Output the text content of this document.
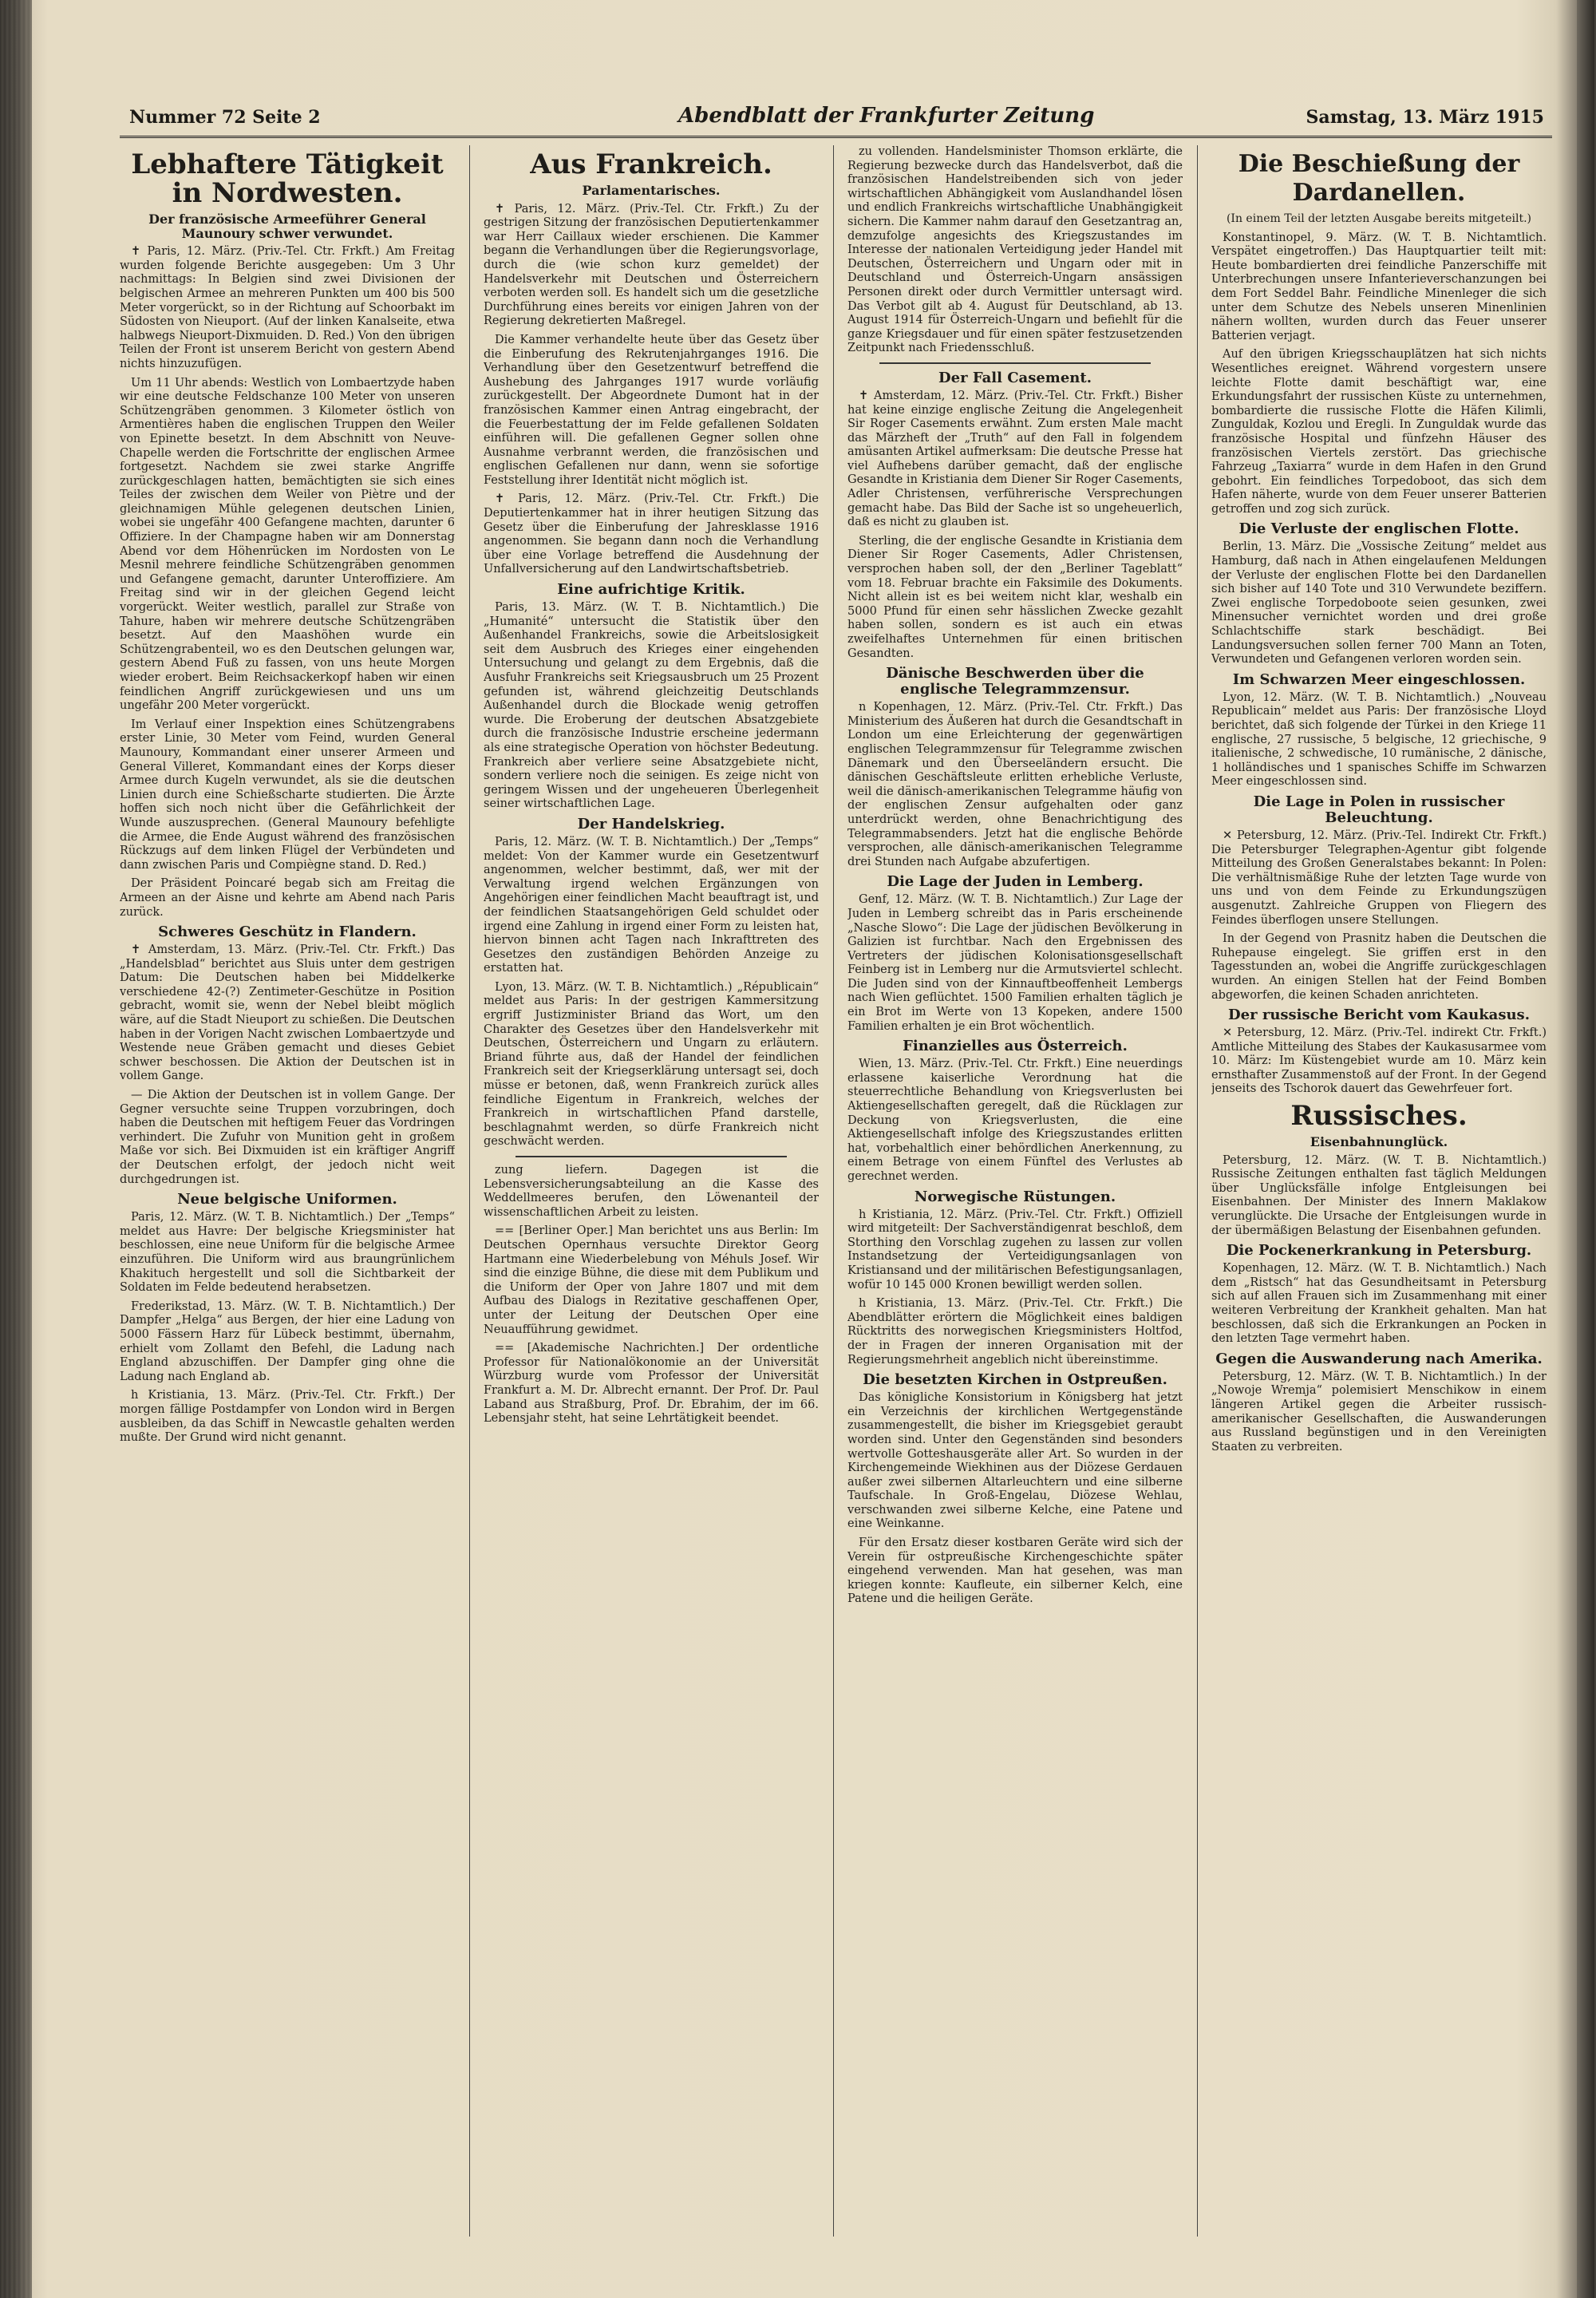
Nummer 72 Seite 2	Abendblatt der Frankfurter Zeitung	Samstag, 13. März 1915
Lebhaftere Tätigkeit in Nordwesten.
Der französische Armeeführer General Maunoury schwer verwundet.

✝ Paris, 12. März. (Priv.-Tel. Ctr. Frkft.) Am Freitag wurden folgende Berichte ausgegeben: Um 3 Uhr nachmittags: In Belgien sind zwei Divisionen der belgischen Armee an mehreren Punkten um 400 bis 500 Meter vorgerückt, so in der Richtung auf Schoorbakt im Südosten von Nieuport. (Auf der linken Kanalseite, etwa halbwegs Nieuport-Dixmuiden. D. Red.) Von den übrigen Teilen der Front ist unserem Bericht von gestern Abend nichts hinzuzufügen.

Um 11 Uhr abends: Westlich von Lombaertzyde haben wir eine deutsche Feldschanze 100 Meter von unseren Schützengräben genommen. 3 Kilometer östlich von Armentières haben die englischen Truppen den Weiler von Epinette besetzt. In dem Abschnitt von Neuve-Chapelle werden die Fortschritte der englischen Armee fortgesetzt. Nachdem sie zwei starke Angriffe zurückgeschlagen hatten, bemächtigten sie sich eines Teiles der zwischen dem Weiler von Piètre und der gleichnamigen Mühle gelegenen deutschen Linien, wobei sie ungefähr 400 Gefangene machten, darunter 6 Offiziere. In der Champagne haben wir am Donnerstag Abend vor dem Höhenrücken im Nordosten von Le Mesnil mehrere feindliche Schützengräben genommen und Gefangene gemacht, darunter Unteroffiziere. Am Freitag sind wir in der gleichen Gegend leicht vorgerückt. Weiter westlich, parallel zur Straße von Tahure, haben wir mehrere deutsche Schützengräben besetzt. Auf den Maashöhen wurde ein Schützengrabenteil, wo es den Deutschen gelungen war, gestern Abend Fuß zu fassen, von uns heute Morgen wieder erobert. Beim Reichsackerkopf haben wir einen feindlichen Angriff zurückgewiesen und uns um ungefähr 200 Meter vorgerückt.

Im Verlauf einer Inspektion eines Schützengrabens erster Linie, 30 Meter vom Feind, wurden General Maunoury, Kommandant einer unserer Armeen und General Villeret, Kommandant eines der Korps dieser Armee durch Kugeln verwundet, als sie die deutschen Linien durch eine Schießscharte studierten. Die Ärzte hoffen sich noch nicht über die Gefährlichkeit der Wunde auszusprechen. (General Maunoury befehligte die Armee, die Ende August während des französischen Rückzugs auf dem linken Flügel der Verbündeten und dann zwischen Paris und Compiègne stand. D. Red.)

Der Präsident Poincaré begab sich am Freitag die Armeen an der Aisne und kehrte am Abend nach Paris zurück.

Schweres Geschütz in Flandern.

✝ Amsterdam, 13. März. (Priv.-Tel. Ctr. Frkft.) Das „Handelsblad“ berichtet aus Sluis unter dem gestrigen Datum: Die Deutschen haben bei Middelkerke verschiedene 42-(?) Zentimeter-Geschütze in Position gebracht, womit sie, wenn der Nebel bleibt möglich wäre, auf die Stadt Nieuport zu schießen. Die Deutschen haben in der Vorigen Nacht zwischen Lombaertzyde und Westende neue Gräben gemacht und dieses Gebiet schwer beschossen. Die Aktion der Deutschen ist in vollem Gange.

— Die Aktion der Deutschen ist in vollem Gange. Der Gegner versuchte seine Truppen vorzubringen, doch haben die Deutschen mit heftigem Feuer das Vordringen verhindert. Die Zufuhr von Munition geht in großem Maße vor sich. Bei Dixmuiden ist ein kräftiger Angriff der Deutschen erfolgt, der jedoch nicht weit durchgedrungen ist.

Neue belgische Uniformen.

Paris, 12. März. (W. T. B. Nichtamtlich.) Der „Temps“ meldet aus Havre: Der belgische Kriegsminister hat beschlossen, eine neue Uniform für die belgische Armee einzuführen. Die Uniform wird aus braungrünlichem Khakituch hergestellt und soll die Sichtbarkeit der Soldaten im Felde bedeutend herabsetzen.

Frederikstad, 13. März. (W. T. B. Nichtamtlich.) Der Dampfer „Helga“ aus Bergen, der hier eine Ladung von 5000 Fässern Harz für Lübeck bestimmt, übernahm, erhielt vom Zollamt den Befehl, die Ladung nach England abzuschiffen. Der Dampfer ging ohne die Ladung nach England ab.

h Kristiania, 13. März. (Priv.-Tel. Ctr. Frkft.) Der morgen fällige Postdampfer von London wird in Bergen ausbleiben, da das Schiff in Newcastle gehalten werden mußte. Der Grund wird nicht genannt.

Aus Frankreich.
Parlamentarisches.

✝ Paris, 12. März. (Priv.-Tel. Ctr. Frkft.) Zu der gestrigen Sitzung der französischen Deputiertenkammer war Herr Caillaux wieder erschienen. Die Kammer begann die Verhandlungen über die Regierungsvorlage, durch die (wie schon kurz gemeldet) der Handelsverkehr mit Deutschen und Österreichern verboten werden soll. Es handelt sich um die gesetzliche Durchführung eines bereits vor einigen Jahren von der Regierung dekretierten Maßregel.

Die Kammer verhandelte heute über das Gesetz über die Einberufung des Rekrutenjahrganges 1916. Die Verhandlung über den Gesetzentwurf betreffend die Aushebung des Jahrganges 1917 wurde vorläufig zurückgestellt. Der Abgeordnete Dumont hat in der französischen Kammer einen Antrag eingebracht, der die Feuerbestattung der im Felde gefallenen Soldaten einführen will. Die gefallenen Gegner sollen ohne Ausnahme verbrannt werden, die französischen und englischen Gefallenen nur dann, wenn sie sofortige Feststellung ihrer Identität nicht möglich ist.

✝ Paris, 12. März. (Priv.-Tel. Ctr. Frkft.) Die Deputiertenkammer hat in ihrer heutigen Sitzung das Gesetz über die Einberufung der Jahresklasse 1916 angenommen. Sie begann dann noch die Verhandlung über eine Vorlage betreffend die Ausdehnung der Unfallversicherung auf den Landwirtschaftsbetrieb.

Eine aufrichtige Kritik.

Paris, 13. März. (W. T. B. Nichtamtlich.) Die „Humanité“ untersucht die Statistik über den Außenhandel Frankreichs, sowie die Arbeitslosigkeit seit dem Ausbruch des Krieges einer eingehenden Untersuchung und gelangt zu dem Ergebnis, daß die Ausfuhr Frankreichs seit Kriegsausbruch um 25 Prozent gefunden ist, während gleichzeitig Deutschlands Außenhandel durch die Blockade wenig getroffen wurde. Die Eroberung der deutschen Absatzgebiete durch die französische Industrie erscheine jedermann als eine strategische Operation von höchster Bedeutung. Frankreich aber verliere seine Absatzgebiete nicht, sondern verliere noch die seinigen. Es zeige nicht von geringem Wissen und der ungeheueren Überlegenheit seiner wirtschaftlichen Lage.

Der Handelskrieg.

Paris, 12. März. (W. T. B. Nichtamtlich.) Der „Temps“ meldet: Von der Kammer wurde ein Gesetzentwurf angenommen, welcher bestimmt, daß, wer mit der Verwaltung irgend welchen Ergänzungen von Angehörigen einer feindlichen Macht beauftragt ist, und der feindlichen Staatsangehörigen Geld schuldet oder irgend eine Zahlung in irgend einer Form zu leisten hat, hiervon binnen acht Tagen nach Inkrafttreten des Gesetzes den zuständigen Behörden Anzeige zu erstatten hat.

Lyon, 13. März. (W. T. B. Nichtamtlich.) „Républicain“ meldet aus Paris: In der gestrigen Kammersitzung ergriff Justizminister Briand das Wort, um den Charakter des Gesetzes über den Handelsverkehr mit Deutschen, Österreichern und Ungarn zu erläutern. Briand führte aus, daß der Handel der feindlichen Frankreich seit der Kriegserklärung untersagt sei, doch müsse er betonen, daß, wenn Frankreich zurück alles feindliche Eigentum in Frankreich, welches der Frankreich in wirtschaftlichen Pfand darstelle, beschlagnahmt werden, so dürfe Frankreich nicht geschwächt werden.

zung liefern. Dagegen ist die Lebensversicherungsabteilung an die Kasse des Weddellmeeres berufen, den Löwenanteil der wissenschaftlichen Arbeit zu leisten.

== [Berliner Oper.] Man berichtet uns aus Berlin: Im Deutschen Opernhaus versuchte Direktor Georg Hartmann eine Wiederbelebung von Méhuls Josef. Wir sind die einzige Bühne, die diese mit dem Publikum und die Uniform der Oper von Jahre 1807 und mit dem Aufbau des Dialogs in Rezitative geschaffenen Oper, unter der Leitung der Deutschen Oper eine Neuaufführung gewidmet.

== [Akademische Nachrichten.] Der ordentliche Professor für Nationalökonomie an der Universität Würzburg wurde vom Professor der Universität Frankfurt a. M. Dr. Albrecht ernannt. Der Prof. Dr. Paul Laband aus Straßburg, Prof. Dr. Ebrahim, der im 66. Lebensjahr steht, hat seine Lehrtätigkeit beendet.

zu vollenden. Handelsminister Thomson erklärte, die Regierung bezwecke durch das Handelsverbot, daß die französischen Handelstreibenden sich von jeder wirtschaftlichen Abhängigkeit vom Auslandhandel lösen und endlich Frankreichs wirtschaftliche Unabhängigkeit sichern. Die Kammer nahm darauf den Gesetzantrag an, demzufolge angesichts des Kriegszustandes im Interesse der nationalen Verteidigung jeder Handel mit Deutschen, Österreichern und Ungarn oder mit in Deutschland und Österreich-Ungarn ansässigen Personen direkt oder durch Vermittler untersagt wird. Das Verbot gilt ab 4. August für Deutschland, ab 13. August 1914 für Österreich-Ungarn und befiehlt für die ganze Kriegsdauer und für einen später festzusetzenden Zeitpunkt nach Friedensschluß.

Der Fall Casement.

✝ Amsterdam, 12. März. (Priv.-Tel. Ctr. Frkft.) Bisher hat keine einzige englische Zeitung die Angelegenheit Sir Roger Casements erwähnt. Zum ersten Male macht das Märzheft der „Truth“ auf den Fall in folgendem amüsanten Artikel aufmerksam: Die deutsche Presse hat viel Aufhebens darüber gemacht, daß der englische Gesandte in Kristiania dem Diener Sir Roger Casements, Adler Christensen, verführerische Versprechungen gemacht habe. Das Bild der Sache ist so ungeheuerlich, daß es nicht zu glauben ist.

Sterling, die der englische Gesandte in Kristiania dem Diener Sir Roger Casements, Adler Christensen, versprochen haben soll, der den „Berliner Tageblatt“ vom 18. Februar brachte ein Faksimile des Dokuments. Nicht allein ist es bei weitem nicht klar, weshalb ein 5000 Pfund für einen sehr hässlichen Zwecke gezahlt haben sollen, sondern es ist auch ein etwas zweifelhaftes Unternehmen für einen britischen Gesandten.

Dänische Beschwerden über die englische Telegrammzensur.

n Kopenhagen, 12. März. (Priv.-Tel. Ctr. Frkft.) Das Ministerium des Äußeren hat durch die Gesandtschaft in London um eine Erleichterung der gegenwärtigen englischen Telegrammzensur für Telegramme zwischen Dänemark und den Überseeländern ersucht. Die dänischen Geschäftsleute erlitten erhebliche Verluste, weil die dänisch-amerikanischen Telegramme häufig von der englischen Zensur aufgehalten oder ganz unterdrückt werden, ohne Benachrichtigung des Telegrammabsenders. Jetzt hat die englische Behörde versprochen, alle dänisch-amerikanischen Telegramme drei Stunden nach Aufgabe abzufertigen.

Die Lage der Juden in Lemberg.

Genf, 12. März. (W. T. B. Nichtamtlich.) Zur Lage der Juden in Lemberg schreibt das in Paris erscheinende „Nasche Slowo“: Die Lage der jüdischen Bevölkerung in Galizien ist furchtbar. Nach den Ergebnissen des Vertreters der jüdischen Kolonisationsgesellschaft Feinberg ist in Lemberg nur die Armutsviertel schlecht. Die Juden sind von der Kinnauftbeoffenheit Lembergs nach Wien geflüchtet. 1500 Familien erhalten täglich je ein Brot im Werte von 13 Kopeken, andere 1500 Familien erhalten je ein Brot wöchentlich.

Finanzielles aus Österreich.

Wien, 13. März. (Priv.-Tel. Ctr. Frkft.) Eine neuerdings erlassene kaiserliche Verordnung hat die steuerrechtliche Behandlung von Kriegsverlusten bei Aktiengesellschaften geregelt, daß die Rücklagen zur Deckung von Kriegsverlusten, die eine Aktiengesellschaft infolge des Kriegszustandes erlitten hat, vorbehaltlich einer behördlichen Anerkennung, zu einem Betrage von einem Fünftel des Verlustes ab gerechnet werden.

Norwegische Rüstungen.

h Kristiania, 12. März. (Priv.-Tel. Ctr. Frkft.) Offiziell wird mitgeteilt: Der Sachverständigenrat beschloß, dem Storthing den Vorschlag zugehen zu lassen zur vollen Instandsetzung der Verteidigungsanlagen von Kristiansand und der militärischen Befestigungsanlagen, wofür 10 145 000 Kronen bewilligt werden sollen.

h Kristiania, 13. März. (Priv.-Tel. Ctr. Frkft.) Die Abendblätter erörtern die Möglichkeit eines baldigen Rücktritts des norwegischen Kriegsministers Holtfod, der in Fragen der inneren Organisation mit der Regierungsmehrheit angeblich nicht übereinstimme.

Die besetzten Kirchen in Ostpreußen.

Das königliche Konsistorium in Königsberg hat jetzt ein Verzeichnis der kirchlichen Wertgegenstände zusammengestellt, die bisher im Kriegsgebiet geraubt worden sind. Unter den Gegenständen sind besonders wertvolle Gotteshausgeräte aller Art. So wurden in der Kirchengemeinde Wiekhinen aus der Diözese Gerdauen außer zwei silbernen Altarleuchtern und eine silberne Taufschale. In Groß-Engelau, Diözese Wehlau, verschwanden zwei silberne Kelche, eine Patene und eine Weinkanne.

Für den Ersatz dieser kostbaren Geräte wird sich der Verein für ostpreußische Kirchengeschichte später eingehend verwenden. Man hat gesehen, was man kriegen konnte: Kaufleute, ein silberner Kelch, eine Patene und die heiligen Geräte.

Die Beschießung der Dardanellen.
(In einem Teil der letzten Ausgabe bereits mitgeteilt.)

Konstantinopel, 9. März. (W. T. B. Nichtamtlich. Verspätet eingetroffen.) Das Hauptquartier teilt mit: Heute bombardierten drei feindliche Panzerschiffe mit Unterbrechungen unsere Infanterieverschanzungen bei dem Fort Seddel Bahr. Feindliche Minenleger die sich unter dem Schutze des Nebels unseren Minenlinien nähern wollten, wurden durch das Feuer unserer Batterien verjagt.

Auf den übrigen Kriegsschauplätzen hat sich nichts Wesentliches ereignet. Während vorgestern unsere leichte Flotte damit beschäftigt war, eine Erkundungsfahrt der russischen Küste zu unternehmen, bombardierte die russische Flotte die Häfen Kilimli, Zunguldak, Kozlou und Eregli. In Zunguldak wurde das französische Hospital und fünfzehn Häuser des französischen Viertels zerstört. Das griechische Fahrzeug „Taxiarra“ wurde in dem Hafen in den Grund gebohrt. Ein feindliches Torpedoboot, das sich dem Hafen näherte, wurde von dem Feuer unserer Batterien getroffen und zog sich zurück.

Die Verluste der englischen Flotte.

Berlin, 13. März. Die „Vossische Zeitung“ meldet aus Hamburg, daß nach in Athen eingelaufenen Meldungen der Verluste der englischen Flotte bei den Dardanellen sich bisher auf 140 Tote und 310 Verwundete beziffern. Zwei englische Torpedoboote seien gesunken, zwei Minensucher vernichtet worden und drei große Schlachtschiffe stark beschädigt. Bei Landungsversuchen sollen ferner 700 Mann an Toten, Verwundeten und Gefangenen verloren worden sein.

Im Schwarzen Meer eingeschlossen.

Lyon, 12. März. (W. T. B. Nichtamtlich.) „Nouveau Republicain“ meldet aus Paris: Der französische Lloyd berichtet, daß sich folgende der Türkei in den Kriege 11 englische, 27 russische, 5 belgische, 12 griechische, 9 italienische, 2 schwedische, 10 rumänische, 2 dänische, 1 holländisches und 1 spanisches Schiffe im Schwarzen Meer eingeschlossen sind.

Die Lage in Polen in russischer Beleuchtung.

✕ Petersburg, 12. März. (Priv.-Tel. Indirekt Ctr. Frkft.) Die Petersburger Telegraphen-Agentur gibt folgende Mitteilung des Großen Generalstabes bekannt: In Polen: Die verhältnismäßige Ruhe der letzten Tage wurde von uns und von dem Feinde zu Erkundungszügen ausgenutzt. Zahlreiche Gruppen von Fliegern des Feindes überflogen unsere Stellungen.

In der Gegend von Prasnitz haben die Deutschen die Ruhepause eingelegt. Sie griffen erst in den Tagesstunden an, wobei die Angriffe zurückgeschlagen wurden. An einigen Stellen hat der Feind Bomben abgeworfen, die keinen Schaden anrichteten.

Der russische Bericht vom Kaukasus.

✕ Petersburg, 12. März. (Priv.-Tel. indirekt Ctr. Frkft.) Amtliche Mitteilung des Stabes der Kaukasusarmee vom 10. März: Im Küstengebiet wurde am 10. März kein ernsthafter Zusammenstoß auf der Front. In der Gegend jenseits des Tschorok dauert das Gewehrfeuer fort.

Russisches.
Eisenbahnunglück.

Petersburg, 12. März. (W. T. B. Nichtamtlich.) Russische Zeitungen enthalten fast täglich Meldungen über Unglücksfälle infolge Entgleisungen bei Eisenbahnen. Der Minister des Innern Maklakow verunglückte. Die Ursache der Entgleisungen wurde in der übermäßigen Belastung der Eisenbahnen gefunden.

Die Pockenerkrankung in Petersburg.

Kopenhagen, 12. März. (W. T. B. Nichtamtlich.) Nach dem „Ristsch“ hat das Gesundheitsamt in Petersburg sich auf allen Frauen sich im Zusammenhang mit einer weiteren Verbreitung der Krankheit gehalten. Man hat beschlossen, daß sich die Erkrankungen an Pocken in den letzten Tage vermehrt haben.

Gegen die Auswanderung nach Amerika.

Petersburg, 12. März. (W. T. B. Nichtamtlich.) In der „Nowoje Wremja“ polemisiert Menschikow in einem längeren Artikel gegen die Arbeiter russisch-amerikanischer Gesellschaften, die Auswanderungen aus Russland begünstigen und in den Vereinigten Staaten zu verbreiten.
